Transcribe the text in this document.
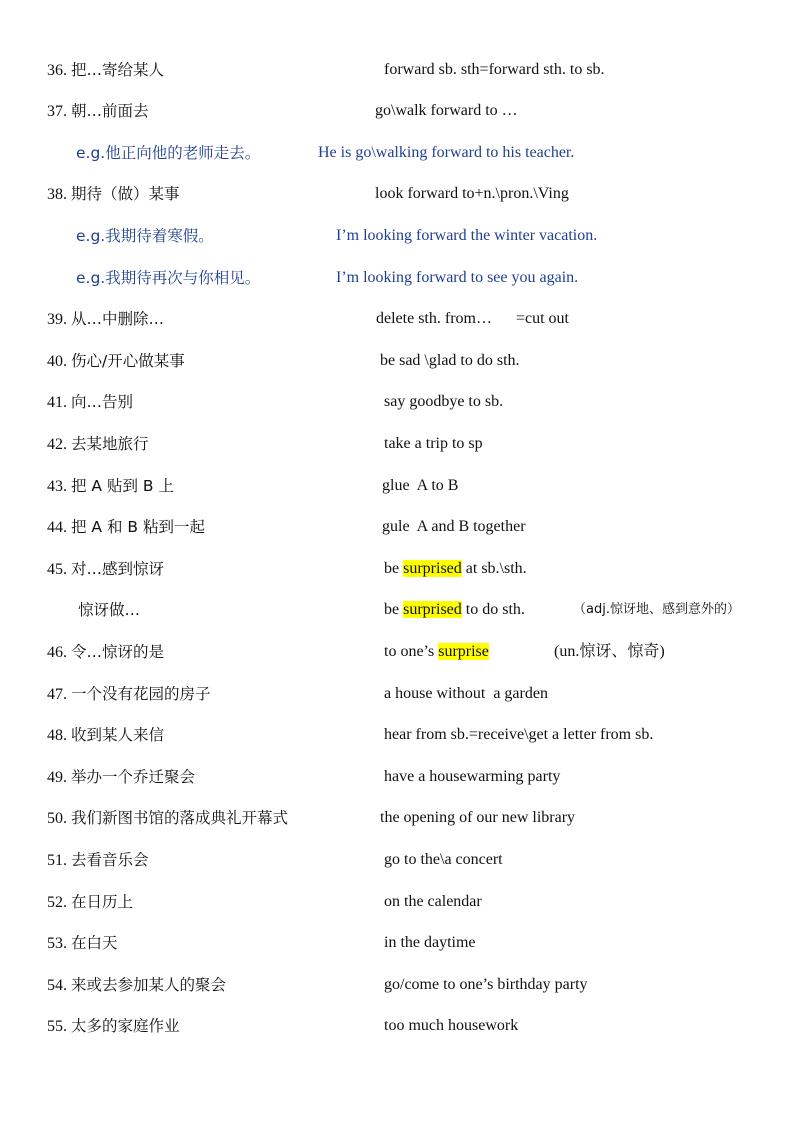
36. 把…寄给某人	forward sb. sth=forward sth. to sb.
37. 朝…前面去	go\walk forward to …
e.g.他正向他的老师走去。	He is go\walking forward to his teacher.
38. 期待（做）某事	look forward to+n.\pron.\Ving
e.g.我期待着寒假。	I’m looking forward the winter vacation.
e.g.我期待再次与你相见。	I’m looking forward to see you again.
39. 从…中删除…	delete sth. from…      =cut out
40. 伤心/开心做某事	be sad \glad to do sth.
41. 向…告别	say goodbye to sb.
42. 去某地旅行	take a trip to sp
43. 把 A 贴到 B 上	glue  A to B
44. 把 A 和 B 粘到一起	gule  A and B together
45. 对…感到惊讶	be surprised at sb.\sth.
惊讶做…	be surprised to do sth.	（adj.惊讶地、感到意外的）
46. 令…惊讶的是	to one’s surprise	(un.惊讶、惊奇)
47. 一个没有花园的房子	a house without  a garden
48. 收到某人来信	hear from sb.=receive\get a letter from sb.
49. 举办一个乔迁聚会	have a housewarming party
50. 我们新图书馆的落成典礼开幕式	the opening of our new library
51. 去看音乐会	go to the\a concert
52. 在日历上	on the calendar
53. 在白天	in the daytime
54. 来或去参加某人的聚会	go/come to one’s birthday party
55. 太多的家庭作业	too much housework
